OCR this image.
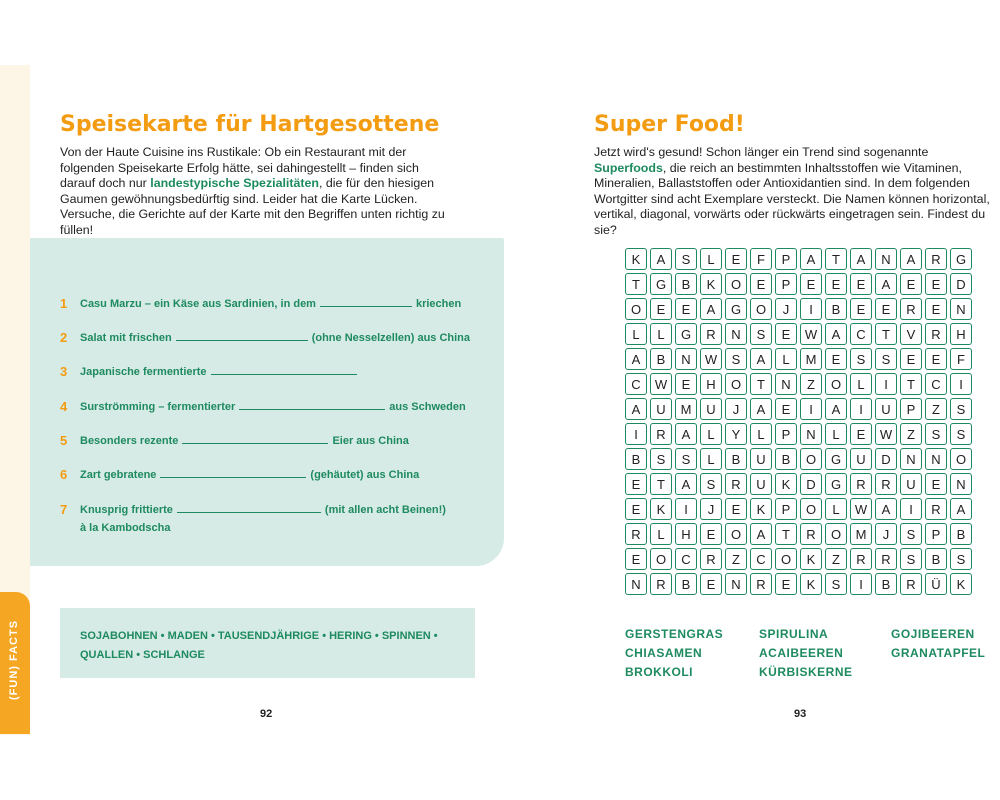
(FUN) FACTS
Speisekarte für Hartgesottene
Von der Haute Cuisine ins Rustikale: Ob ein Restaurant mit der folgenden Speisekarte Erfolg hätte, sei dahingestellt – finden sich darauf doch nur landestypische Spezialitäten, die für den hiesigen Gaumen gewöhnungsbedürftig sind. Leider hat die Karte Lücken. Versuche, die Gerichte auf der Karte mit den Begriffen unten richtig zu füllen!
1 Casu Marzu – ein Käse aus Sardinien, in dem	kriechen
2 Salat mit frischen	(ohne Nesselzellen) aus China
3 Japanische fermentierte
4 Surströmming – fermentierter	aus Schweden
5 Besonders rezente	Eier aus China
6 Zart gebratene	(gehäutet) aus China
7 Knusprig frittierte	(mit allen acht Beinen!)
à la Kambodscha
SOJABOHNEN • MADEN • TAUSENDJÄHRIGE • HERING • SPINNEN • QUALLEN • SCHLANGE
92
Super Food!
Jetzt wird's gesund! Schon länger ein Trend sind sogenannte Superfoods, die reich an bestimmten Inhaltsstoffen wie Vitaminen, Mineralien, Ballaststoffen oder Antioxidantien sind. In dem folgenden Wortgitter sind acht Exemplare versteckt. Die Namen können horizontal, vertikal, diagonal, vorwärts oder rückwärts eingetragen sein. Findest du sie?
K	A	S	L	E	F	P	A	T	A	N	A	R	G
T	G	B	K	O	E	P	E	E	E	A	E	E	D
O	E	E	A	G	O	J	I	B	E	E	R	E	N
L	L	G	R	N	S	E	W	A	C	T	V	R	H
A	B	N	W	S	A	L	M	E	S	S	E	E	F
C	W	E	H	O	T	N	Z	O	L	I	T	C	I
A	U	M	U	J	A	E	I	A	I	U	P	Z	S
I	R	A	L	Y	L	P	N	L	E	W	Z	S	S
B	S	S	L	B	U	B	O	G	U	D	N	N	O
E	T	A	S	R	U	K	D	G	R	R	U	E	N
E	K	I	J	E	K	P	O	L	W	A	I	R	A
R	L	H	E	O	A	T	R	O	M	J	S	P	B
E	O	C	R	Z	C	O	K	Z	R	R	S	B	S
N	R	B	E	N	R	E	K	S	I	B	R	Ü	K
GERSTENGRAS	SPIRULINA	GOJIBEEREN
CHIASAMEN	ACAIBEEREN	GRANATAPFEL
BROKKOLI	KÜRBISKERNE
93
